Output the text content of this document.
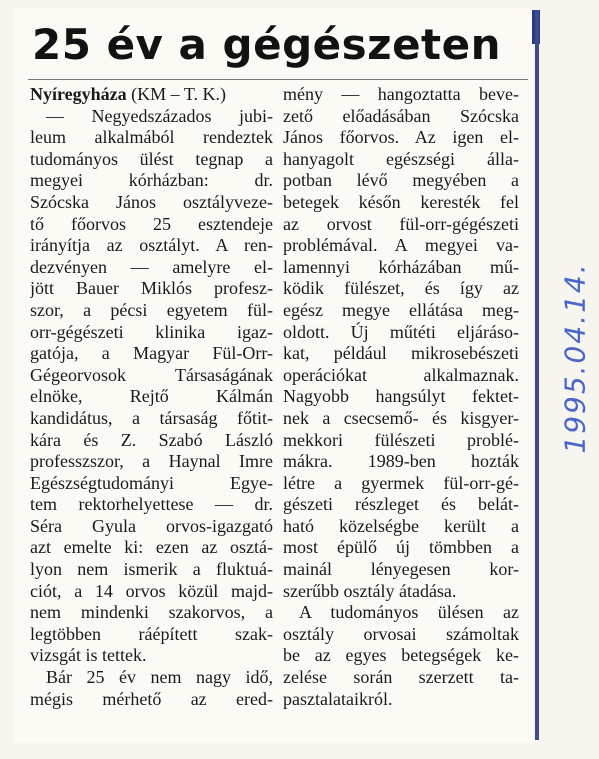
25 év a gégészeten
Nyíregyháza (KM – T. K.)
— Negyedszázados jubi-
leum alkalmából rendeztek
tudományos ülést tegnap a
megyei kórházban: dr.
Szócska János osztályveze-
tő főorvos 25 esztendeje
irányítja az osztályt. A ren-
dezvényen — amelyre el-
jött Bauer Miklós profesz-
szor, a pécsi egyetem fül-
orr-gégészeti klinika igaz-
gatója, a Magyar Fül-Orr-
Gégeorvosok Társaságának
elnöke, Rejtő Kálmán
kandidátus, a társaság főtit-
kára és Z. Szabó László
professzszor, a Haynal Imre
Egészségtudományi Egye-
tem rektorhelyettese — dr.
Séra Gyula orvos-igazgató
azt emelte ki: ezen az osztá-
lyon nem ismerik a fluktuá-
ciót, a 14 orvos közül majd-
nem mindenki szakorvos, a
legtöbben ráépített szak-
vizsgát is tettek.
Bár 25 év nem nagy idő,
mégis mérhető az ered-
mény — hangoztatta beve-
zető előadásában Szócska
János főorvos. Az igen el-
hanyagolt egészségi álla-
potban lévő megyében a
betegek későn keresték fel
az orvost fül-orr-gégészeti
problémával. A megyei va-
lamennyi kórházában mű-
ködik fülészet, és így az
egész megye ellátása meg-
oldott. Új műtéti eljáráso-
kat, például mikrosebészeti
operációkat alkalmaznak.
Nagyobb hangsúlyt fektet-
nek a csecsemő- és kisgyer-
mekkori fülészeti problé-
mákra. 1989-ben hozták
létre a gyermek fül-orr-gé-
gészeti részleget és belát-
ható közelségbe került a
most épülő új tömbben a
mainál lényegesen kor-
szerűbb osztály átadása.
A tudományos ülésen az
osztály orvosai számoltak
be az egyes betegségek ke-
zelése során szerzett ta-
pasztalataikról.
1995.04.14.
